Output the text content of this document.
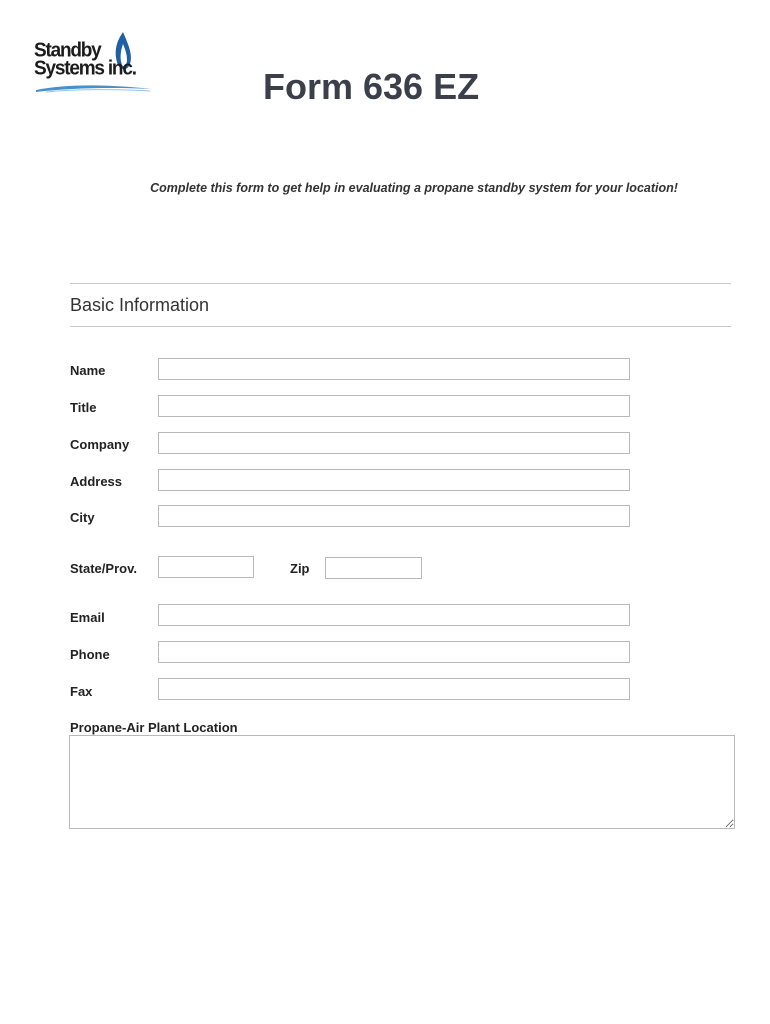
Standby
Systems inc.	Form 636 EZ
Complete this form to get help in evaluating a propane standby system for your location!
Basic Information
Name
Title
Company
Address
City
State/Prov.	Zip
Email
Phone
Fax
Propane-Air Plant Location
